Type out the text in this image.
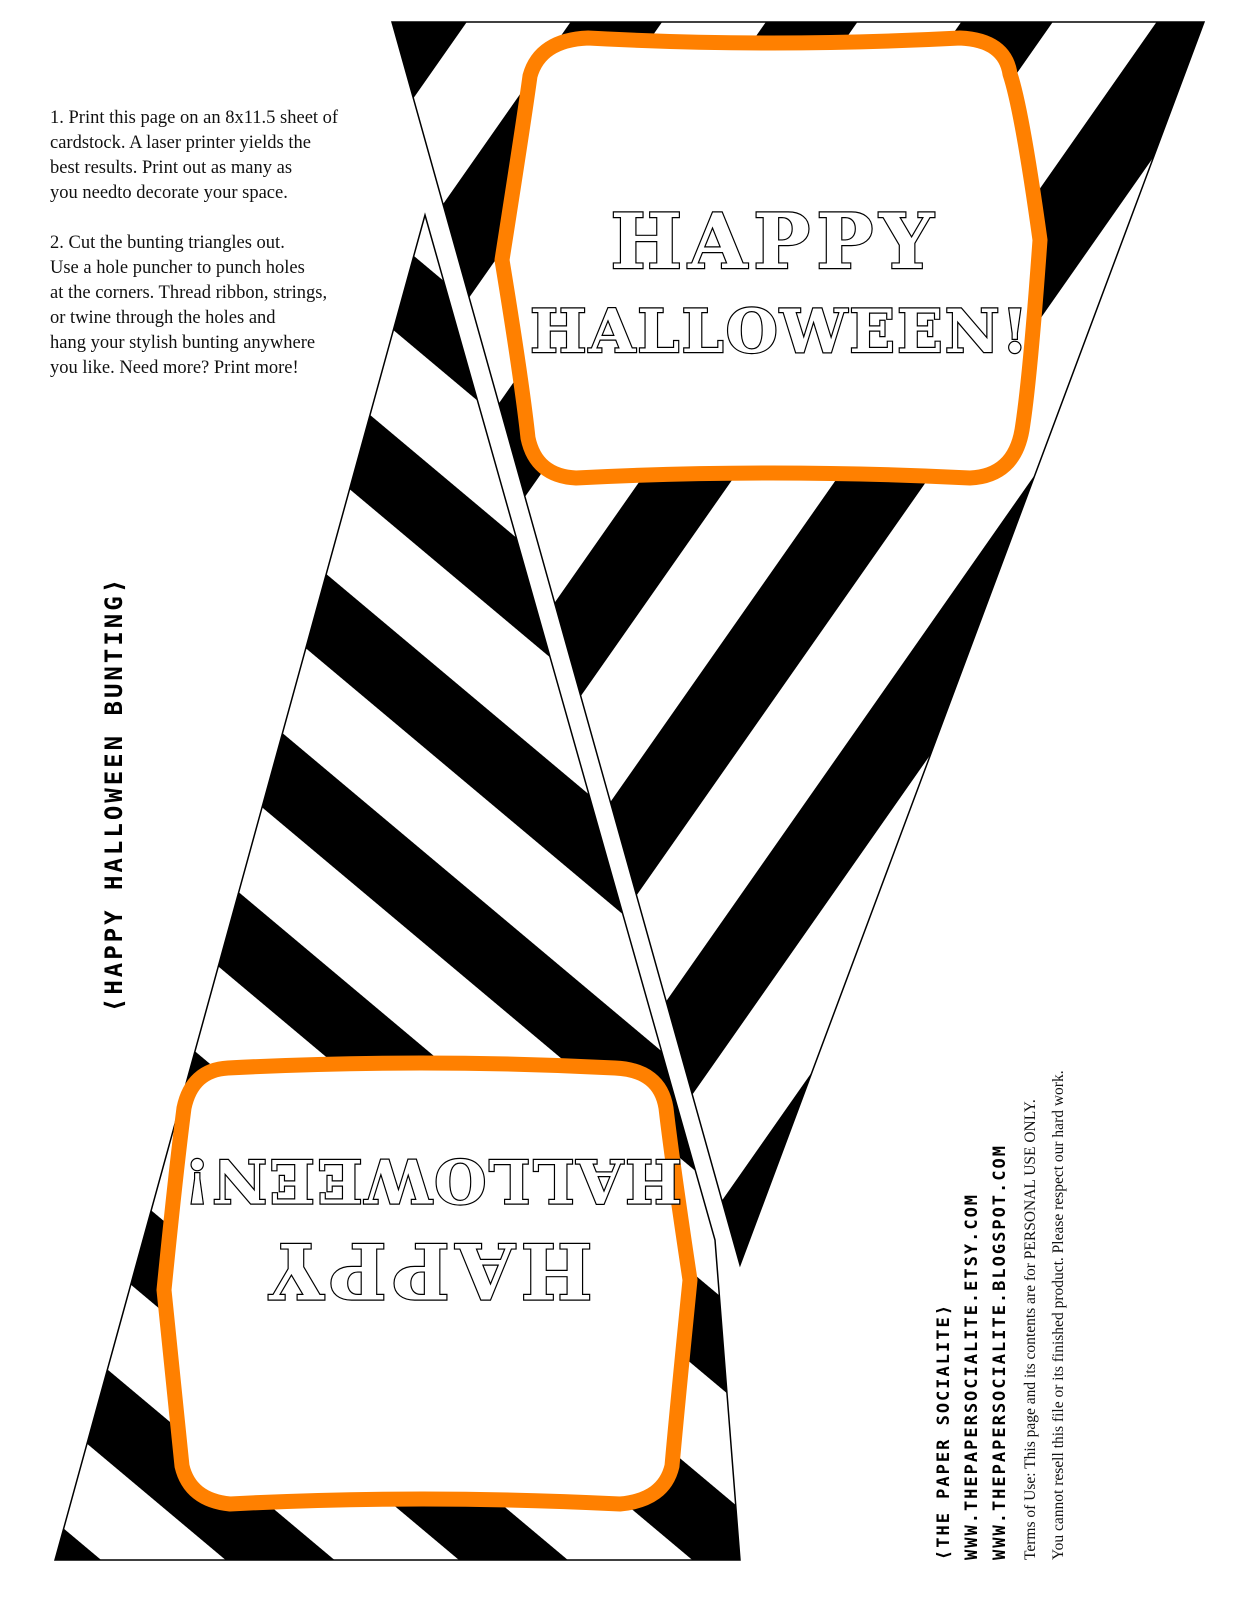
HAPPY
HALLOWEEN!
HAPPY
HALLOWEEN!

1. Print this page on an 8x11.5 sheet of
cardstock. A laser printer yields the
best results. Print out as many as
you needto decorate your space.

2. Cut the bunting triangles out.
Use a hole puncher to punch holes
at the corners. Thread ribbon, strings,
or twine through the holes and
hang your stylish bunting anywhere
you like. Need more? Print more!

⟨HAPPY HALLOWEEN BUNTING⟩
⟨THE PAPER SOCIALITE⟩ WWW.THEPAPERSOCIALITE.ETSY.COM WWW.THEPAPERSOCIALITE.BLOGSPOT.COM Terms of Use: This page and its contents are for PERSONAL USE ONLY. You cannot resell this file or its finished product. Please respect our hard work.
